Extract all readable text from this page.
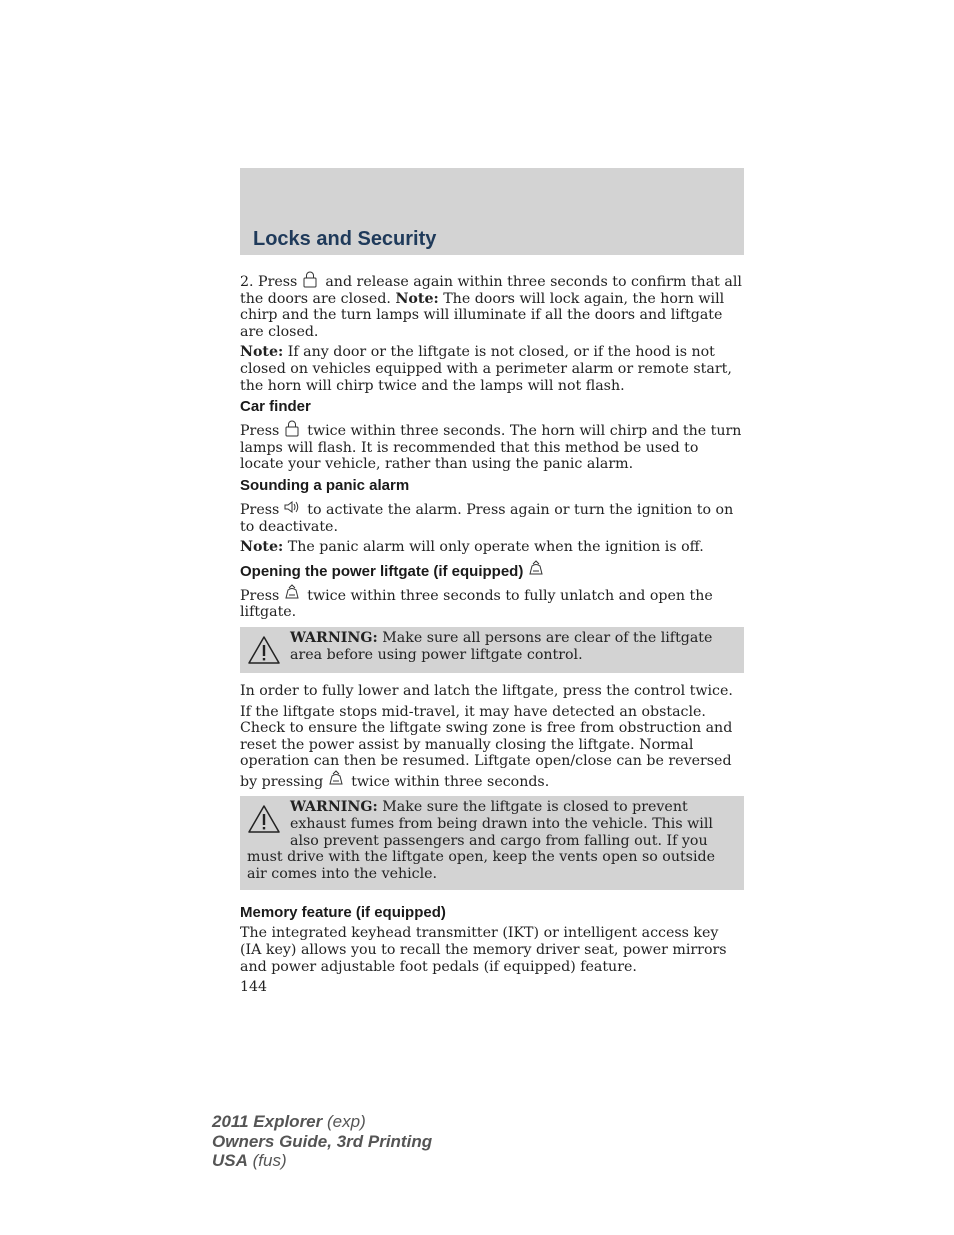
Locks and Security

2. Press and release again within three seconds to confirm that all the doors are closed. Note: The doors will lock again, the horn will chirp and the turn lamps will illuminate if all the doors and liftgate are closed.

Note: If any door or the liftgate is not closed, or if the hood is not closed on vehicles equipped with a perimeter alarm or remote start, the horn will chirp twice and the lamps will not flash.

Car finder

Press twice within three seconds. The horn will chirp and the turn lamps will flash. It is recommended that this method be used to locate your vehicle, rather than using the panic alarm.

Sounding a panic alarm

Press to activate the alarm. Press again or turn the ignition to on to deactivate.

Note: The panic alarm will only operate when the ignition is off.

Opening the power liftgate (if equipped)

Press twice within three seconds to fully unlatch and open the liftgate.

WARNING: Make sure all persons are clear of the liftgate area before using power liftgate control.

In order to fully lower and latch the liftgate, press the control twice.

If the liftgate stops mid-travel, it may have detected an obstacle. Check to ensure the liftgate swing zone is free from obstruction and reset the power assist by manually closing the liftgate. Normal operation can then be resumed. Liftgate open/close can be reversed by pressing twice within three seconds.

WARNING: Make sure the liftgate is closed to prevent exhaust fumes from being drawn into the vehicle. This will also prevent passengers and cargo from falling out. If you must drive with the liftgate open, keep the vents open so outside air comes into the vehicle.
Memory feature (if equipped)

The integrated keyhead transmitter (IKT) or intelligent access key (IA key) allows you to recall the memory driver seat, power mirrors and power adjustable foot pedals (if equipped) feature.

144

2011 Explorer (exp)
Owners Guide, 3rd Printing
USA (fus)
